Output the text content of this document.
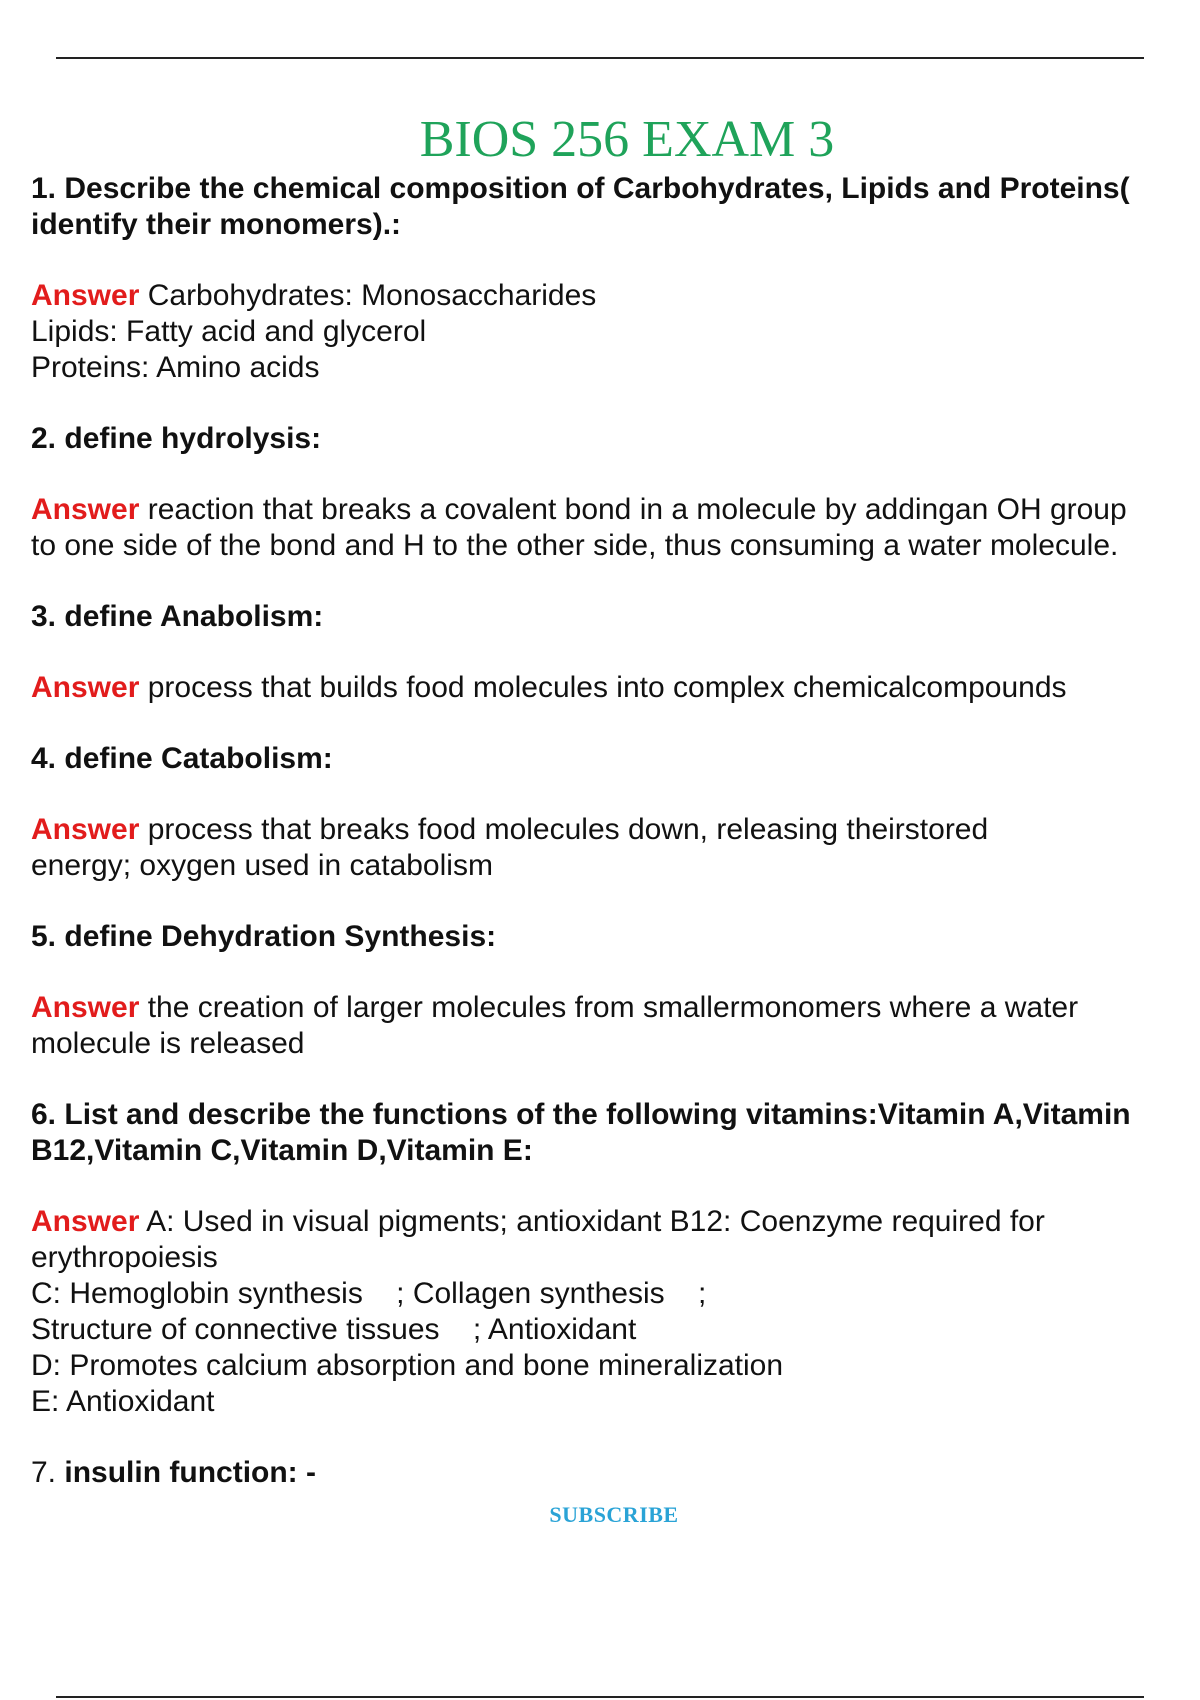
BIOS 256 EXAM 3

1. Describe the chemical composition of Carbohydrates, Lipids and Proteins(

identify their monomers).:

Answer Carbohydrates: Monosaccharides

Lipids: Fatty acid and glycerol

Proteins: Amino acids

2. define hydrolysis:

Answer reaction that breaks a covalent bond in a molecule by addingan OH group

to one side of the bond and H to the other side, thus consuming a water molecule.

3. define Anabolism:

Answer process that builds food molecules into complex chemicalcompounds

4. define Catabolism:

Answer process that breaks food molecules down, releasing theirstored

energy; oxygen used in catabolism

5. define Dehydration Synthesis:

Answer the creation of larger molecules from smallermonomers where a water

molecule is released

6. List and describe the functions of the following vitamins:Vitamin A,Vitamin

B12,Vitamin C,Vitamin D,Vitamin E:

Answer A: Used in visual pigments; antioxidant B12: Coenzyme required for

erythropoiesis

C: Hemoglobin synthesis    ; Collagen synthesis    ;

Structure of connective tissues    ; Antioxidant

D: Promotes calcium absorption and bone mineralization

E: Antioxidant

7. insulin function: -

SUBSCRIBE
